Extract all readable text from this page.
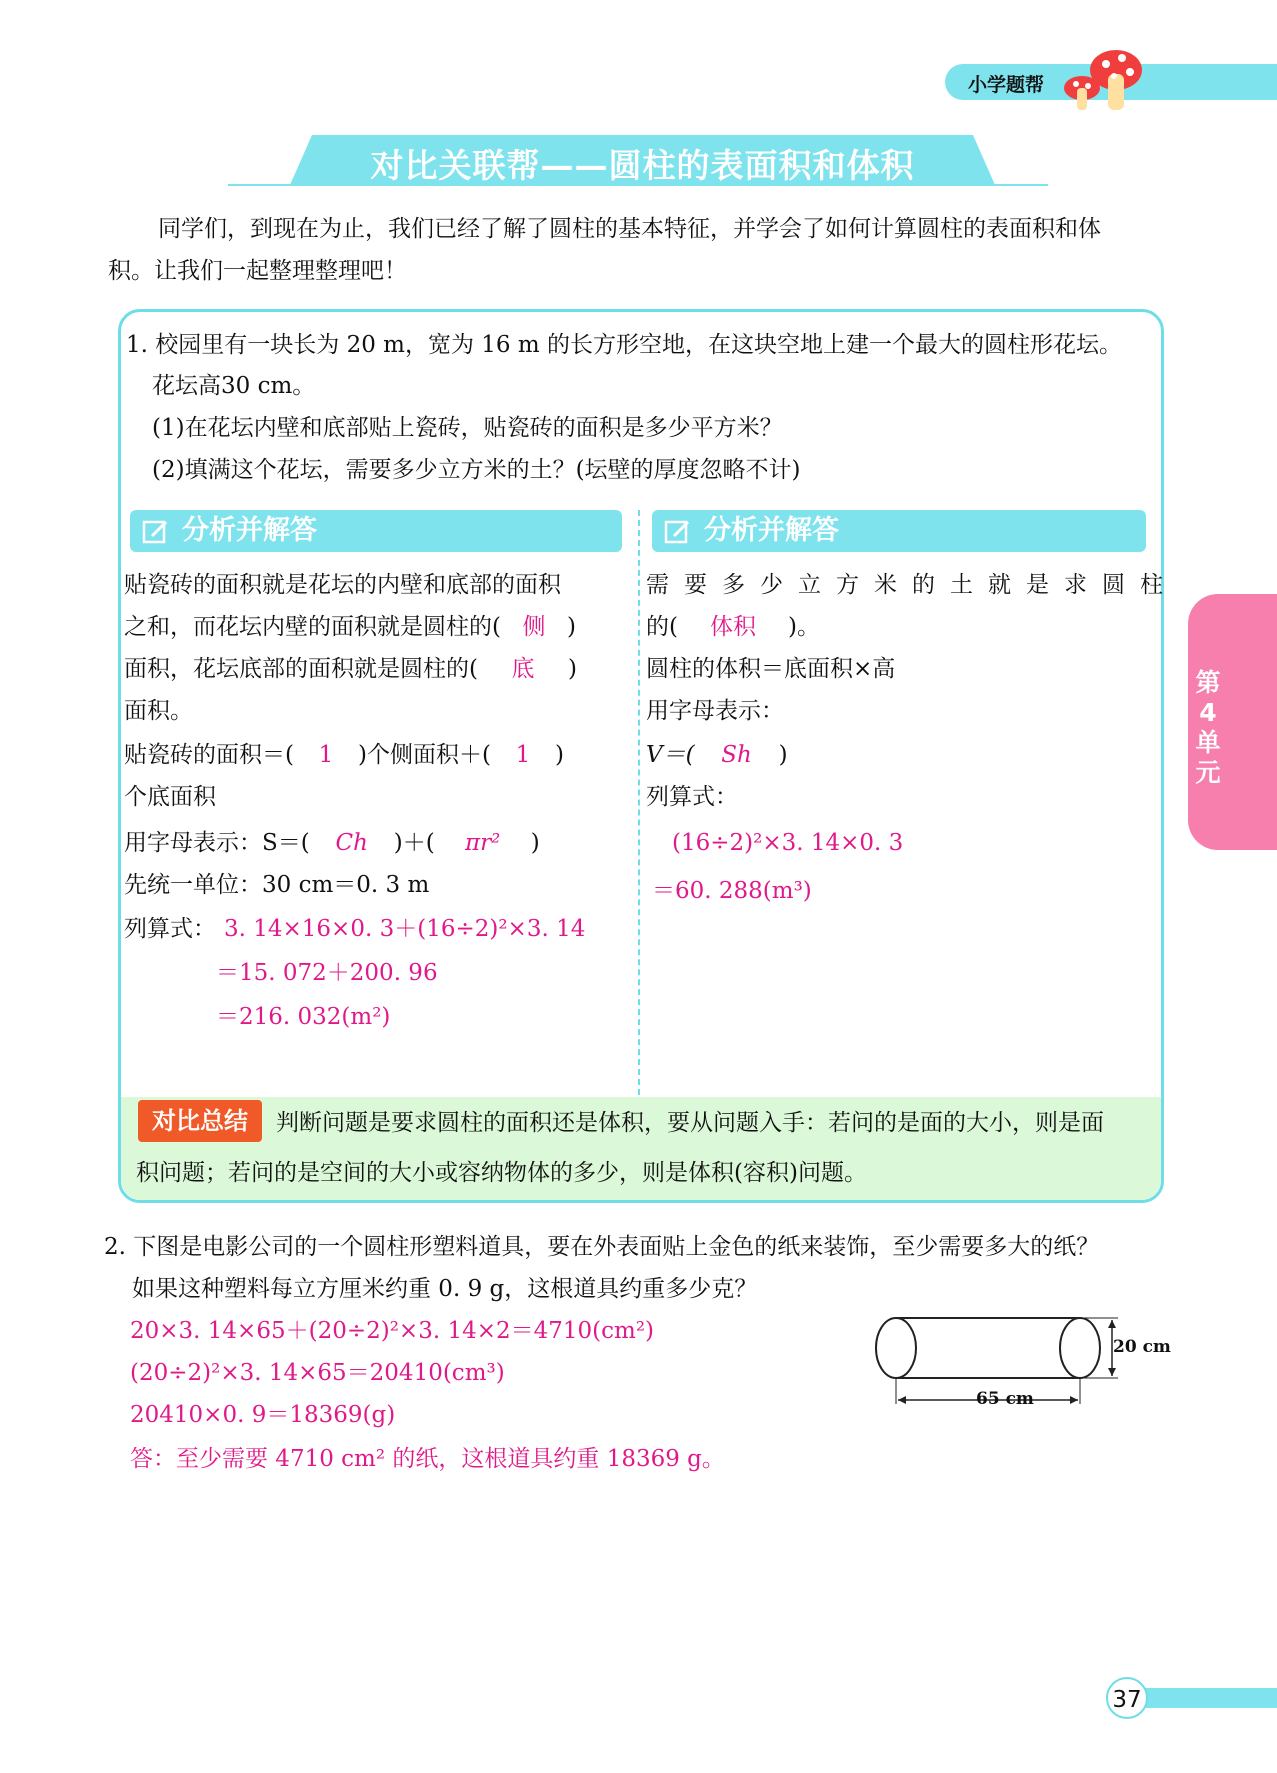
小学题帮
对比关联帮——圆柱的表面积和体积
同学们，到现在为止，我们已经了解了圆柱的基本特征，并学会了如何计算圆柱的表面积和体
积。让我们一起整理整理吧！
1. 校园里有一块长为 20 m，宽为 16 m 的长方形空地，在这块空地上建一个最大的圆柱形花坛。
花坛高30 cm。
(1)在花坛内壁和底部贴上瓷砖，贴瓷砖的面积是多少平方米？
(2)填满这个花坛，需要多少立方米的土？(坛壁的厚度忽略不计)
分析并解答	分析并解答
贴瓷砖的面积就是花坛的内壁和底部的面积
之和，而花坛内壁的面积就是圆柱的( 侧 )
面积，花坛底部的面积就是圆柱的( 底 )
面积。
贴瓷砖的面积＝( 1 )个侧面积＋( 1 )
个底面积
用字母表示：S＝( Ch )＋( πr² )
先统一单位：30 cm＝0. 3 m
列算式： 3. 14×16×0. 3＋(16÷2)²×3. 14
＝15. 072＋200. 96
＝216. 032(m²)
需要多少立方米的土就是求圆柱
的( 体积 )。
圆柱的体积＝底面积×高
用字母表示：
V＝( Sh )
列算式：
(16÷2)²×3. 14×0. 3
＝60. 288(m³)
对比总结	判断问题是要求圆柱的面积还是体积，要从问题入手：若问的是面的大小，则是面
积问题；若问的是空间的大小或容纳物体的多少，则是体积(容积)问题。
2. 下图是电影公司的一个圆柱形塑料道具，要在外表面贴上金色的纸来装饰，至少需要多大的纸？
如果这种塑料每立方厘米约重 0. 9 g，这根道具约重多少克？
20×3. 14×65＋(20÷2)²×3. 14×2＝4710(cm²)
(20÷2)²×3. 14×65＝20410(cm³)
20410×0. 9＝18369(g)
答：至少需要 4710 cm² 的纸，这根道具约重 18369 g。
20 cm
65 cm
第
4
单
元
37
